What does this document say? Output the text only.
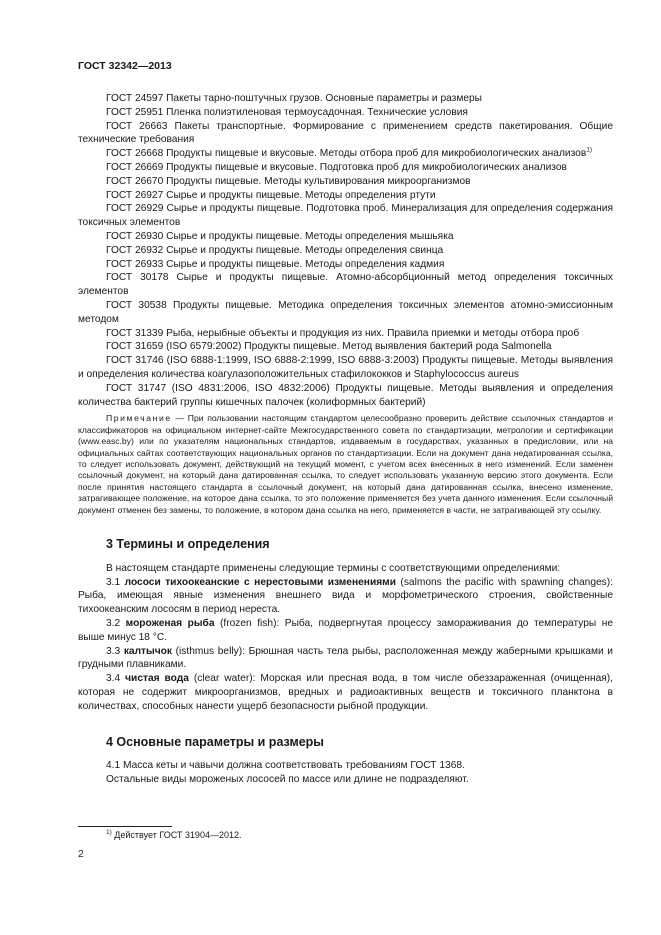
ГОСТ 32342—2013

ГОСТ 24597 Пакеты тарно-поштучных грузов. Основные параметры и размеры

ГОСТ 25951 Пленка полиэтиленовая термоусадочная. Технические условия

ГОСТ 26663 Пакеты транспортные. Формирование с применением средств пакетирования. Общие технические требования

ГОСТ 26668 Продукты пищевые и вкусовые. Методы отбора проб для микробиологических анализов$^{1)}$

ГОСТ 26669 Продукты пищевые и вкусовые. Подготовка проб для микробиологических анализов

ГОСТ 26670 Продукты пищевые. Методы культивирования микроорганизмов

ГОСТ 26927 Сырье и продукты пищевые. Методы определения ртути

ГОСТ 26929 Сырье и продукты пищевые. Подготовка проб. Минерализация для определения содержания токсичных элементов

ГОСТ 26930 Сырье и продукты пищевые. Методы определения мышьяка

ГОСТ 26932 Сырье и продукты пищевые. Методы определения свинца

ГОСТ 26933 Сырье и продукты пищевые. Методы определения кадмия

ГОСТ 30178 Сырье и продукты пищевые. Атомно-абсорбционный метод определения токсичных элементов

ГОСТ 30538 Продукты пищевые. Методика определения токсичных элементов атомно-эмиссионным методом

ГОСТ 31339 Рыба, нерыбные объекты и продукция из них. Правила приемки и методы отбора проб

ГОСТ 31659 (ISO 6579:2002) Продукты пищевые. Метод выявления бактерий рода Salmonella

ГОСТ 31746 (ISO 6888-1:1999, ISO 6888-2:1999, ISO 6888-3:2003) Продукты пищевые. Методы выявления и определения количества коагулазоположительных стафилококков и Staphylococcus aureus

ГОСТ 31747 (ISO 4831:2006, ISO 4832:2006) Продукты пищевые. Методы выявления и определения количества бактерий группы кишечных палочек (колиформных бактерий)

Примечание — При пользовании настоящим стандартом целесообразно проверить действие ссылочных стандартов и классификаторов на официальном интернет-сайте Межгосударственного совета по стандартизации, метрологии и сертификации (www.easc.by) или по указателям национальных стандартов, издаваемым в государствах, указанных в предисловии, или на официальных сайтах соответствующих национальных органов по стандартизации. Если на документ дана недатированная ссылка, то следует использовать документ, действующий на текущий момент, с учетом всех внесенных в него изменений. Если заменен ссылочный документ, на который дана датированная ссылка, то следует использовать указанную версию этого документа. Если после принятия настоящего стандарта в ссылочный документ, на который дана датированная ссылка, внесено изменение, затрагивающее положение, на которое дана ссылка, то это положение применяется без учета данного изменения. Если ссылочный документ отменен без замены, то положение, в котором дана ссылка на него, применяется в части, не затрагивающей эту ссылку.

3 Термины и определения

В настоящем стандарте применены следующие термины с соответствующими определениями:

3.1 лососи тихоокеанские с нерестовыми изменениями (salmons the pacific with spawning changes): Рыба, имеющая явные изменения внешнего вида и морфометрического строения, свойственные тихоокеанским лососям в период нереста.

3.2 мороженая рыба (frozen fish): Рыба, подвергнутая процессу замораживания до температуры не выше минус 18 °С.

3.3 калтычок (isthmus belly): Брюшная часть тела рыбы, расположенная между жаберными крышками и грудными плавниками.

3.4 чистая вода (clear water): Морская или пресная вода, в том числе обеззараженная (очищенная), которая не содержит микроорганизмов, вредных и радиоактивных веществ и токсичного планктона в количествах, способных нанести ущерб безопасности рыбной продукции.

4 Основные параметры и размеры

4.1 Масса кеты и чавычи должна соответствовать требованиям ГОСТ 1368.

Остальные виды мороженых лососей по массе или длине не подразделяют.

$^{1)}$ Действует ГОСТ 31904—2012.
2
